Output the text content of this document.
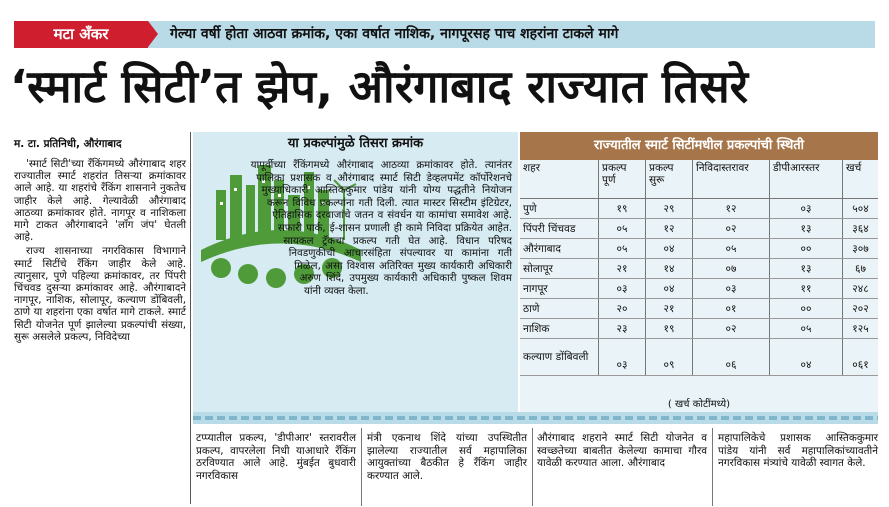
मटा अँकर	गेल्या वर्षी होता आठवा क्रमांक, एका वर्षात नाशिक, नागपूरसह पाच शहरांना टाकले मागे
‘स्मार्ट सिटी’त झेप, औरंगाबाद राज्यात तिसरे
म. टा. प्रतिनिधी, औरंगाबाद

'स्मार्ट सिटी'च्या रँकिंगमध्ये औरंगाबाद शहर राज्यातील स्मार्ट शहरांत तिसऱ्या क्रमांकावर आले आहे. या शहरांचे रँकिंग शासनाने नुकतेच जाहीर केले आहे. गेल्यावेळी औरंगाबाद आठव्या क्रमांकावर होते. नागपूर व नाशिकला मागे टाकत औरंगाबादने 'लाँग जंप' घेतली आहे.

राज्य शासनाच्या नगरविकास विभागाने स्मार्ट सिटींचे रँकिंग जाहीर केले आहे. त्यानुसार, पुणे पहिल्या क्रमांकावर, तर पिंपरी चिंचवड दुसऱ्या क्रमांकावर आहे. औरंगाबादने नागपूर, नाशिक, सोलापूर, कल्याण डोंबिवली, ठाणे या शहरांना एका वर्षात मागे टाकले. स्मार्ट सिटी योजनेत पूर्ण झालेल्या प्रकल्पांची संख्या, सुरू असलेले प्रकल्प, निविदेच्या

या प्रकल्पांमुळे तिसरा क्रमांक
यापूर्वीच्या रँकिंगमध्ये औरंगाबाद आठव्या क्रमांकावर होते. त्यानंतर पालिका प्रशासक व औरंगाबाद स्मार्ट सिटी डेव्हलपमेंट कॉर्पोरेशनचे मुख्याधिकारी आस्तिककुमार पांडेय यांनी योग्य पद्धतीने नियोजन करून विविध प्रकल्पांना गती दिली. त्यात मास्टर सिस्टीम इंटिग्रेटर, ऐतिहासिक दरवाजांचे जतन व संवर्धन या कामांचा समावेश आहे. सफारी पार्क, ई-शासन प्रणाली ही कामे निविदा प्रक्रियेत आहेत. सायकल ट्रॅकचा प्रकल्प गती घेत आहे. विधान परिषद निवडणुकीची आचारसंहिता संपल्यावर या कामांना गती मिळेल, असा विश्वास अतिरिक्त मुख्य कार्यकारी अधिकारी अरुण शिंदे, उपमुख्य कार्यकारी अधिकारी पुष्कल शिवम यांनी व्यक्त केला.
राज्यातील स्मार्ट सिटींमधील प्रकल्पांची स्थिती
शहर	प्रकल्प पूर्ण	प्रकल्प सुरू	निविदास्तरावर	डीपीआरस्तर	खर्च
पुणे	१९	२९	१२	०३	५०४
पिंपरी चिंचवड	०५	१२	०२	१३	३६४
औरंगाबाद	०५	०४	०५	००	३०७
सोलापूर	२१	१४	०७	१३	६७
नागपूर	०३	०४	०३	११	२४८
ठाणे	२०	२१	०१	००	२०२
नाशिक	२३	१९	०२	०५	१२५
कल्याण डोंबिवली	०३	०९	०६	०४	०६१
( खर्च कोटींमध्ये)
टप्प्यातील प्रकल्प, 'डीपीआर' स्तरावरील प्रकल्प, वापरलेला निधी याआधारे रँकिंग ठरविण्यात आले आहे. मुंबईत बुधवारी नगरविकास
मंत्री एकनाथ शिंदे यांच्या उपस्थितीत झालेल्या राज्यातील सर्व महापालिका आयुक्तांच्या बैठकीत हे रँकिंग जाहीर करण्यात आले.
औरंगाबाद शहराने स्मार्ट सिटी योजनेत व स्वच्छतेच्या बाबतीत केलेल्या कामाचा गौरव यावेळी करण्यात आला. औरंगाबाद
महापालिकेचे प्रशासक आस्तिककुमार पांडेय यांनी सर्व महापालिकांच्यावतीने नगरविकास मंत्र्यांचे यावेळी स्वागत केले.
